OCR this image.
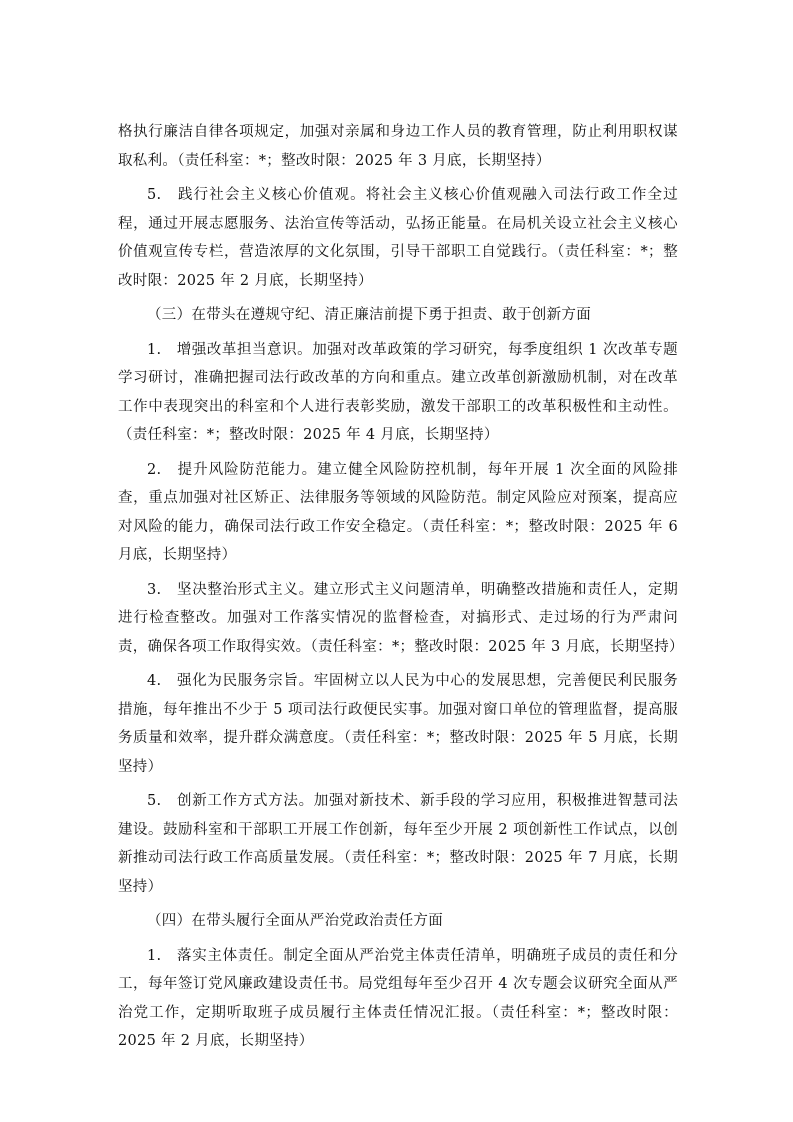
格执行廉洁自律各项规定，加强对亲属和身边工作人员的教育管理，防止利用职权谋取私利。（责任科室：*；整改时限：2025 年 3 月底，长期坚持）

5.　践行社会主义核心价值观。将社会主义核心价值观融入司法行政工作全过程，通过开展志愿服务、法治宣传等活动，弘扬正能量。在局机关设立社会主义核心价值观宣传专栏，营造浓厚的文化氛围，引导干部职工自觉践行。（责任科室：*；整改时限：2025 年 2 月底，长期坚持）

（三）在带头在遵规守纪、清正廉洁前提下勇于担责、敢于创新方面

1.　增强改革担当意识。加强对改革政策的学习研究，每季度组织 1 次改革专题学习研讨，准确把握司法行政改革的方向和重点。建立改革创新激励机制，对在改革工作中表现突出的科室和个人进行表彰奖励，激发干部职工的改革积极性和主动性。（责任科室：*；整改时限：2025 年 4 月底，长期坚持）

2.　提升风险防范能力。建立健全风险防控机制，每年开展 1 次全面的风险排查，重点加强对社区矫正、法律服务等领域的风险防范。制定风险应对预案，提高应对风险的能力，确保司法行政工作安全稳定。（责任科室：*；整改时限：2025 年 6 月底，长期坚持）

3.　坚决整治形式主义。建立形式主义问题清单，明确整改措施和责任人，定期进行检查整改。加强对工作落实情况的监督检查，对搞形式、走过场的行为严肃问责，确保各项工作取得实效。（责任科室：*；整改时限：2025 年 3 月底，长期坚持）

4.　强化为民服务宗旨。牢固树立以人民为中心的发展思想，完善便民利民服务措施，每年推出不少于 5 项司法行政便民实事。加强对窗口单位的管理监督，提高服务质量和效率，提升群众满意度。（责任科室：*；整改时限：2025 年 5 月底，长期坚持）

5.　创新工作方式方法。加强对新技术、新手段的学习应用，积极推进智慧司法建设。鼓励科室和干部职工开展工作创新，每年至少开展 2 项创新性工作试点，以创新推动司法行政工作高质量发展。（责任科室：*；整改时限：2025 年 7 月底，长期坚持）

（四）在带头履行全面从严治党政治责任方面

1.　落实主体责任。制定全面从严治党主体责任清单，明确班子成员的责任和分工，每年签订党风廉政建设责任书。局党组每年至少召开 4 次专题会议研究全面从严治党工作，定期听取班子成员履行主体责任情况汇报。（责任科室：*；整改时限：2025 年 2 月底，长期坚持）
